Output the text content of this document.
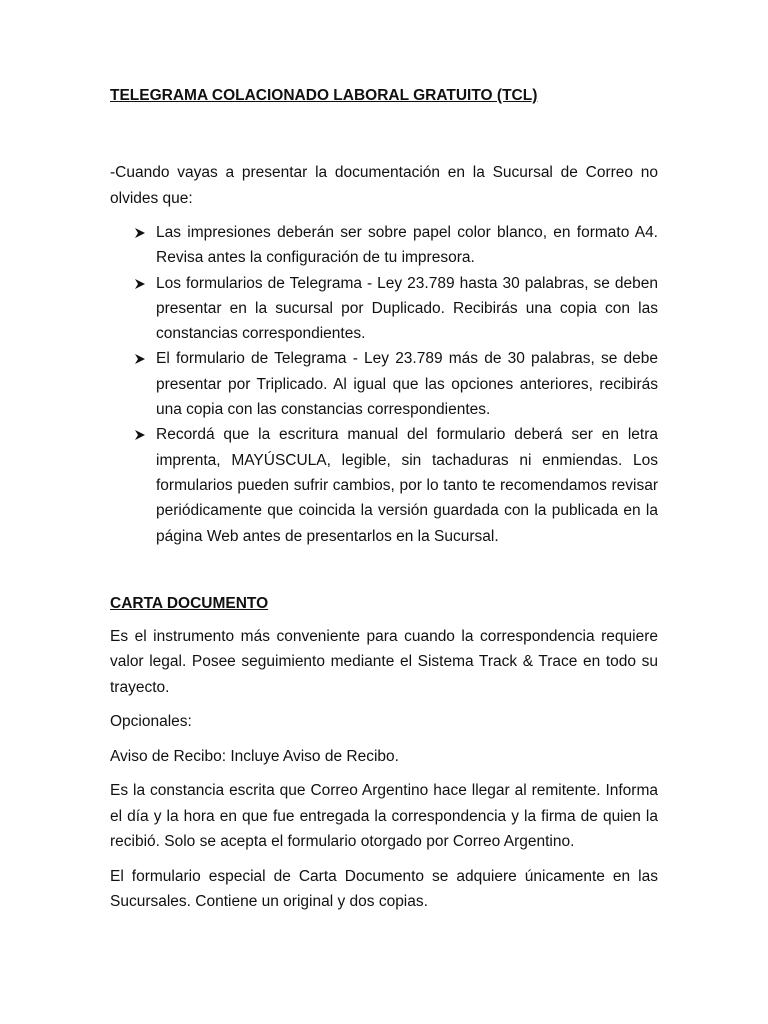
TELEGRAMA COLACIONADO LABORAL GRATUITO (TCL)

-Cuando vayas a presentar la documentación en la Sucursal de Correo no olvides que:

Las impresiones deberán ser sobre papel color blanco, en formato A4. Revisa antes la configuración de tu impresora.
Los formularios de Telegrama - Ley 23.789 hasta 30 palabras, se deben presentar en la sucursal por Duplicado. Recibirás una copia con las constancias correspondientes.
El formulario de Telegrama - Ley 23.789 más de 30 palabras, se debe presentar por Triplicado. Al igual que las opciones anteriores, recibirás una copia con las constancias correspondientes.
Recordá que la escritura manual del formulario deberá ser en letra imprenta, MAYÚSCULA, legible, sin tachaduras ni enmiendas. Los formularios pueden sufrir cambios, por lo tanto te recomendamos revisar periódicamente que coincida la versión guardada con la publicada en la página Web antes de presentarlos en la Sucursal.
CARTA DOCUMENTO

Es el instrumento más conveniente para cuando la correspondencia requiere valor legal. Posee seguimiento mediante el Sistema Track & Trace en todo su trayecto.

Opcionales:

Aviso de Recibo: Incluye Aviso de Recibo.

Es la constancia escrita que Correo Argentino hace llegar al remitente. Informa el día y la hora en que fue entregada la correspondencia y la firma de quien la recibió. Solo se acepta el formulario otorgado por Correo Argentino.

El formulario especial de Carta Documento se adquiere únicamente en las Sucursales. Contiene un original y dos copias.
